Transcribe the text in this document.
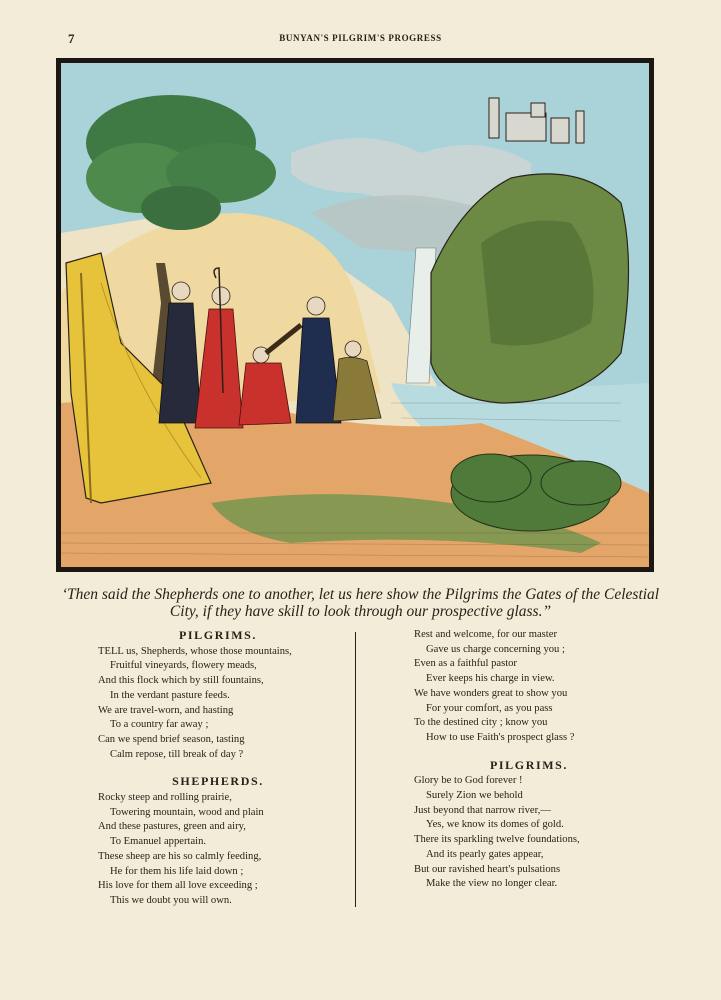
7	BUNYAN'S PILGRIM'S PROGRESS
‘Then said the Shepherds one to another, let us here show the Pilgrims the Gates of the Celestial
City, if they have skill to look through our prospective glass.”
PILGRIMS.
TELL us, Shepherds, whose those mountains,
Fruitful vineyards, flowery meads,
And this flock which by still fountains,
In the verdant pasture feeds.
We are travel-worn, and hasting
To a country far away ;
Can we spend brief season, tasting
Calm repose, till break of day ?
SHEPHERDS.
Rocky steep and rolling prairie,
Towering mountain, wood and plain
And these pastures, green and airy,
To Emanuel appertain.
These sheep are his so calmly feeding,
He for them his life laid down ;
His love for them all love exceeding ;
This we doubt you will own.
Rest and welcome, for our master
Gave us charge concerning you ;
Even as a faithful pastor
Ever keeps his charge in view.
We have wonders great to show you
For your comfort, as you pass
To the destined city ; know you
How to use Faith's prospect glass ?
PILGRIMS.
Glory be to God forever !
Surely Zion we behold
Just beyond that narrow river,—
Yes, we know its domes of gold.
There its sparkling twelve foundations,
And its pearly gates appear,
But our ravished heart's pulsations
Make the view no longer clear.
